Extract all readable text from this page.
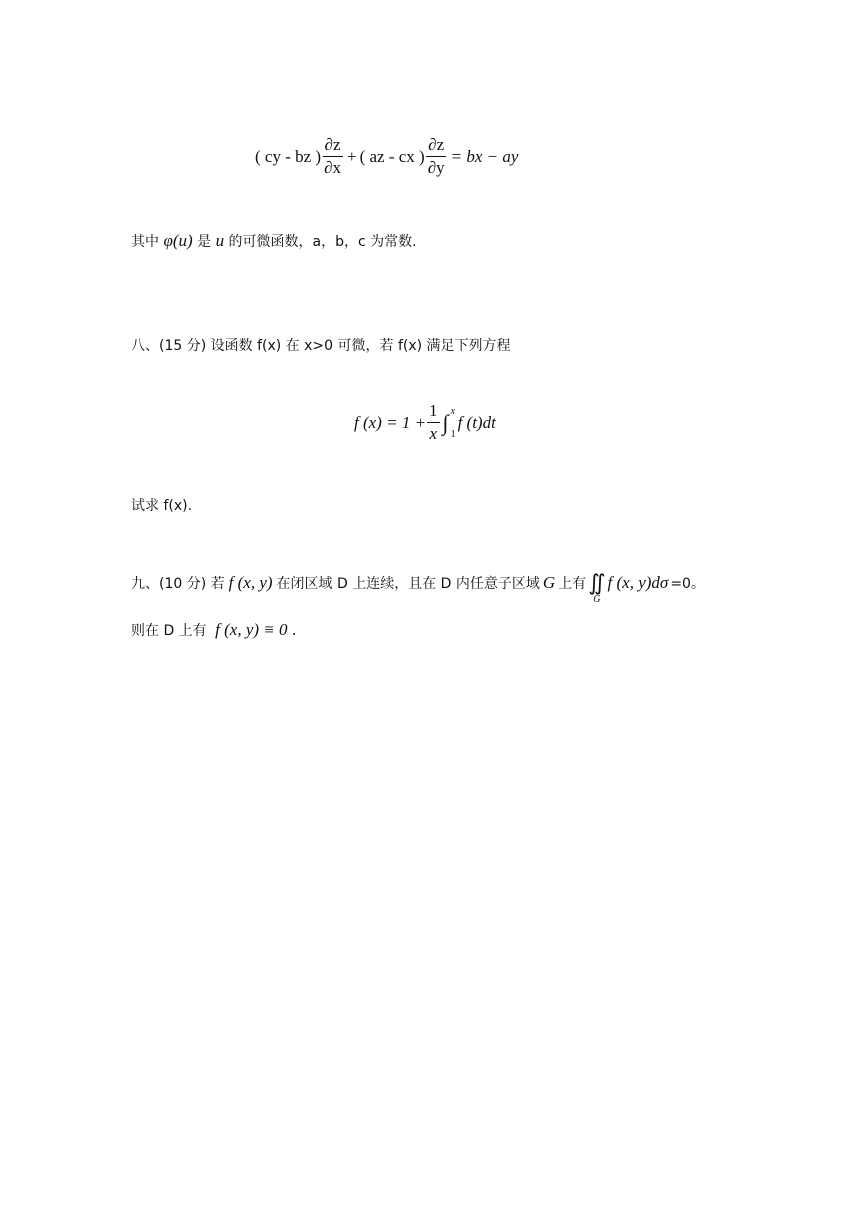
( cy - bz ) $\frac{\partial z}{\partial x}$ + ( az - cx ) $\frac{\partial z}{\partial y}$ = bx − ay
其中 φ(u) 是 u 的可微函数，a，b，c 为常数.
八、(15 分) 设函数 f(x) 在 x>0 可微，若 f(x) 满足下列方程
f $(x) = 1 + \frac{1}{x}$ ∫ x
1
f (t)dt
试求 f(x).
九、(10 分) 若 f (x, y) 在闭区域 D 上连续，且在 D 内任意子区域 G 上有 ∬
G
f (x, y)dσ =0。
则在 D 上有 f (x, y) ≡ 0 .
